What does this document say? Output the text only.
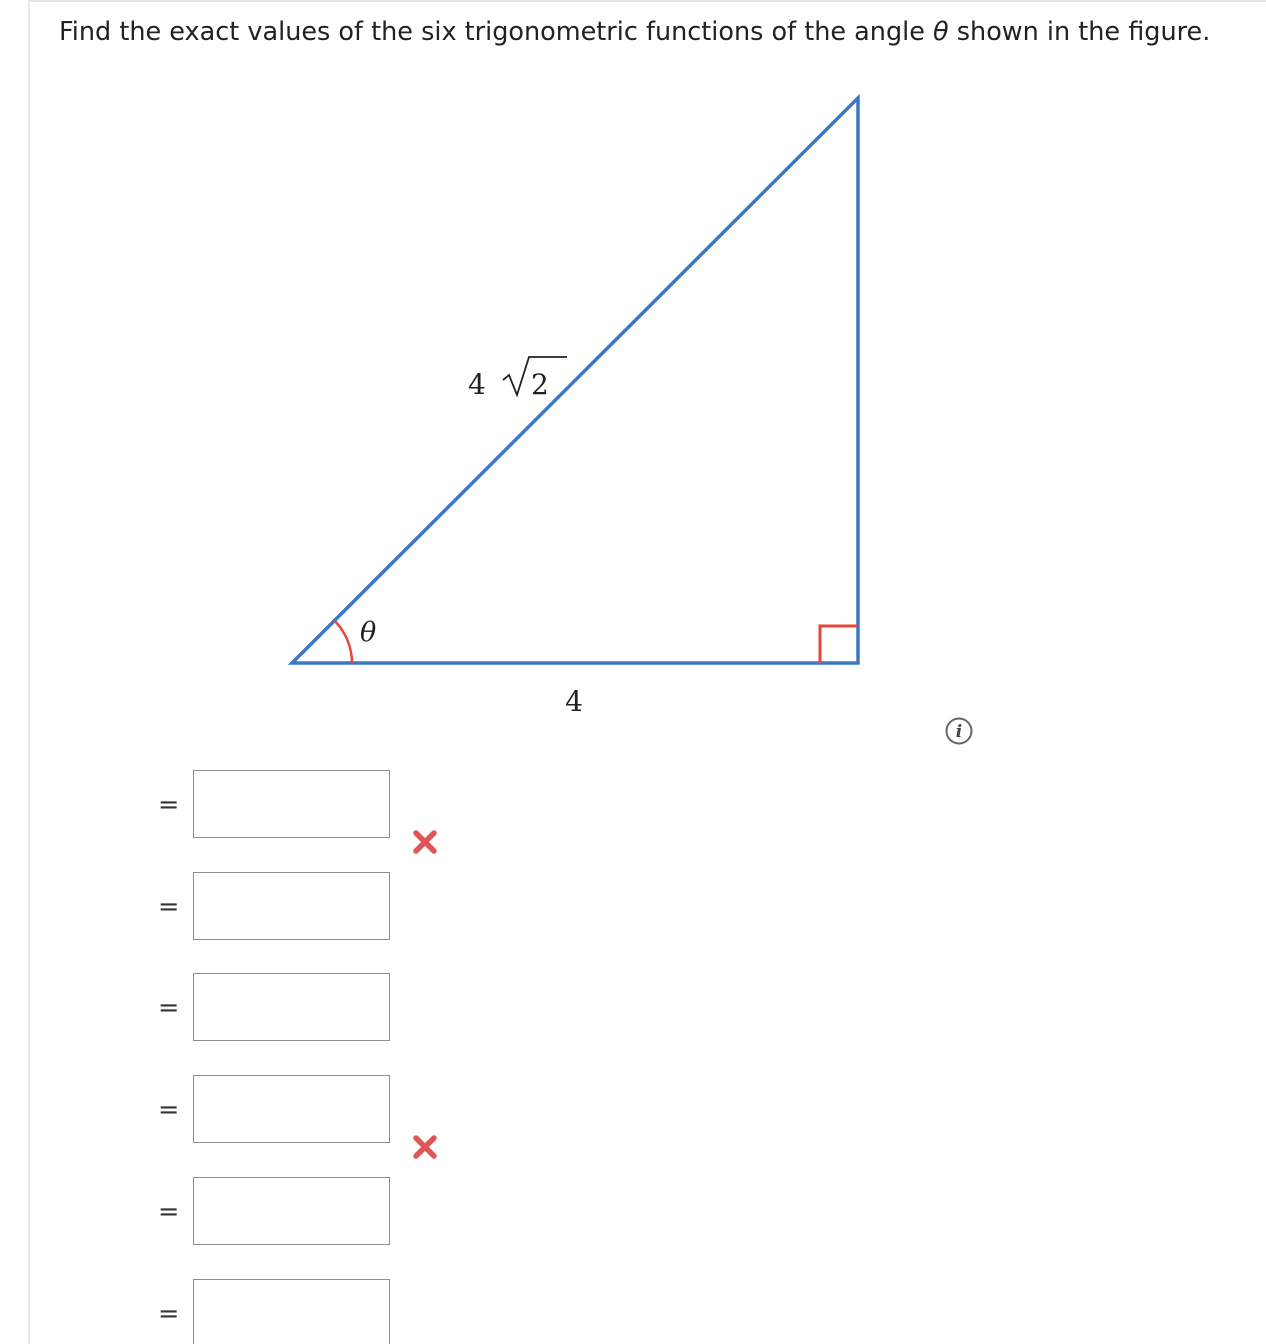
Find the exact values of the six trigonometric functions of the angle θ shown in the figure.
θ
4
4 2
i
=
=
=
=
=
=
